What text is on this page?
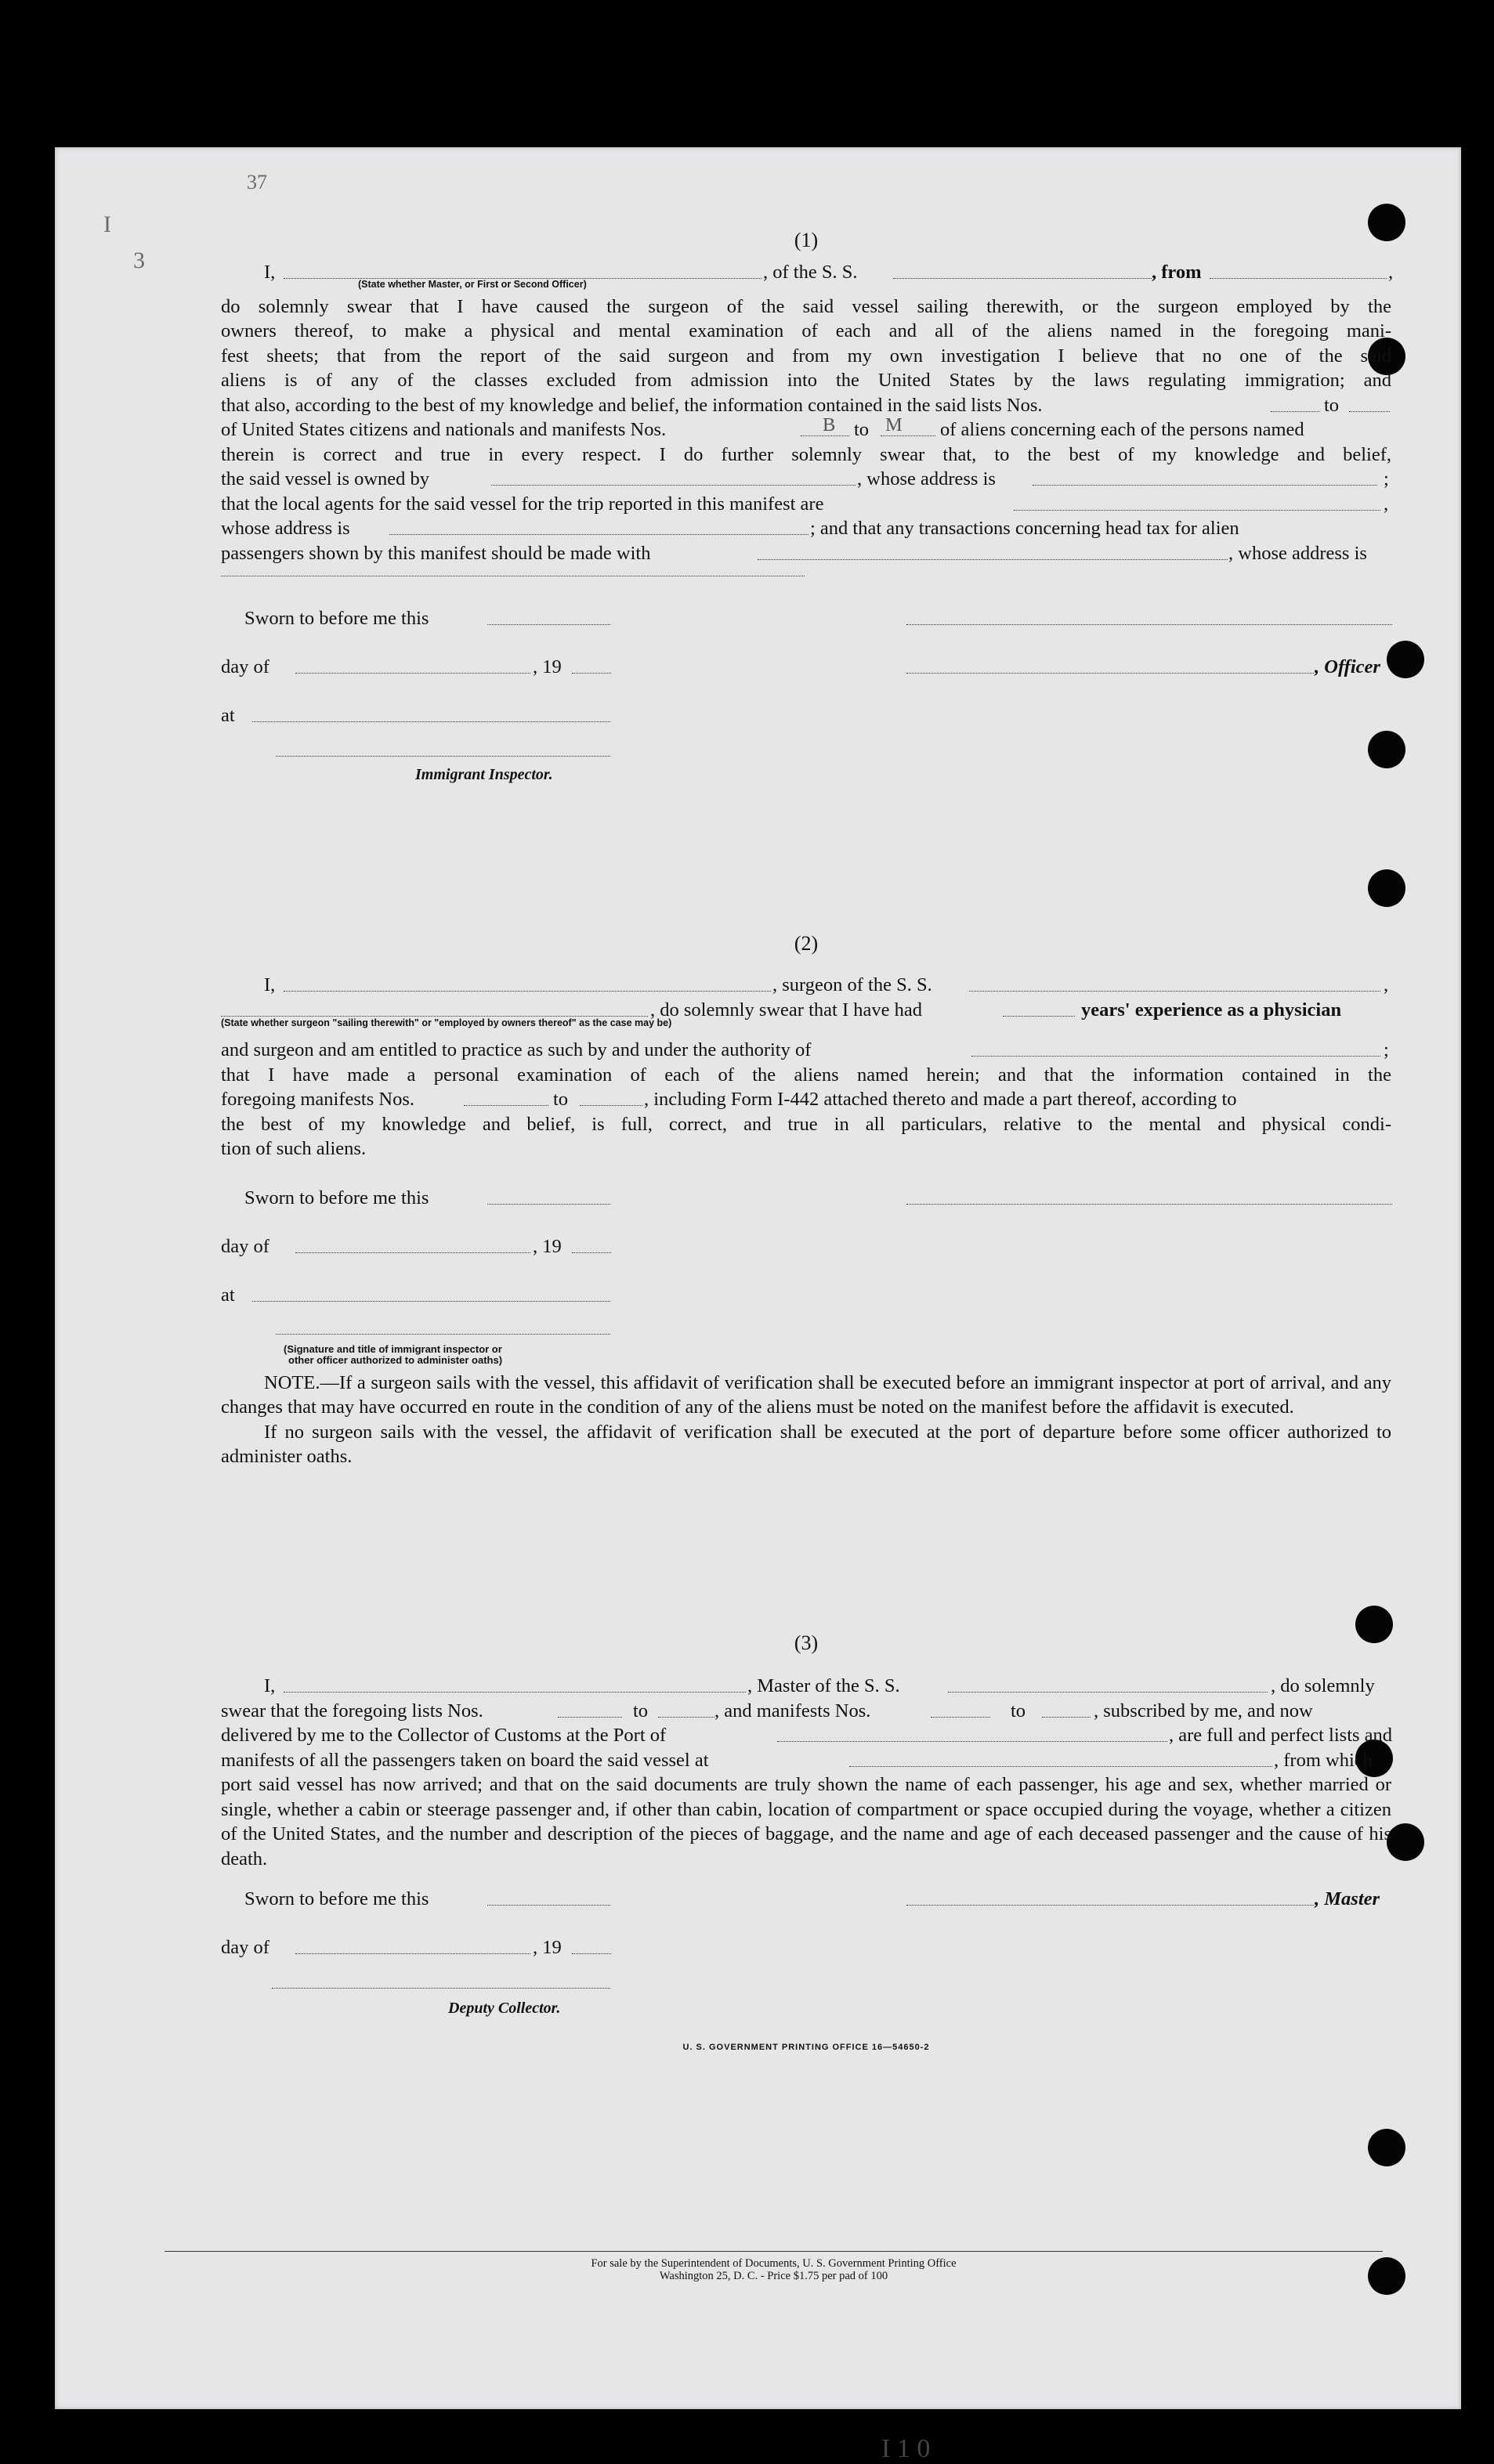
I
3
37

(1)

I,	, of the S. S.	, from	,
(State whether Master, or First or Second Officer)
do solemnly swear that I have caused the surgeon of the said vessel sailing therewith, or the surgeon employed by the
owners thereof, to make a physical and mental examination of each and all of the aliens named in the foregoing mani-
fest sheets; that from the report of the said surgeon and from my own investigation I believe that no one of the said
aliens is of any of the classes excluded from admission into the United States by the laws regulating immigration; and
that also, according to the best of my knowledge and belief, the information contained in the said lists Nos.	to
of United States citizens and nationals and manifests Nos.	B to M of aliens concerning each of the persons named
therein is correct and true in every respect. I do further solemnly swear that, to the best of my knowledge and belief,
the said vessel is owned by	, whose address is	;
that the local agents for the said vessel for the trip reported in this manifest are	,
whose address is	; and that any transactions concerning head tax for alien
passengers shown by this manifest should be made with	, whose address is
Sworn to before me this
day of	, 19	, Officer
at
Immigrant Inspector.

(2)

I,	, surgeon of the S. S.	,
, do solemnly swear that I have had	years' experience as a physician
(State whether surgeon "sailing therewith" or "employed by owners thereof" as the case may be)
and surgeon and am entitled to practice as such by and under the authority of	;
that I have made a personal examination of each of the aliens named herein; and that the information contained in the
foregoing manifests Nos.	to	, including Form I-442 attached thereto and made a part thereof, according to
the best of my knowledge and belief, is full, correct, and true in all particulars, relative to the mental and physical condi-
tion of such aliens.
Sworn to before me this
day of	, 19
at
(Signature and title of immigrant inspector or
other officer authorized to administer oaths)

NOTE.—If a surgeon sails with the vessel, this affidavit of verification shall be executed before an immigrant inspector at port of arrival, and any changes that may have occurred en route in the condition of any of the aliens must be noted on the manifest before the affidavit is executed.

If no surgeon sails with the vessel, the affidavit of verification shall be executed at the port of departure before some officer authorized to administer oaths.

(3)

I,	, Master of the S. S.	, do solemnly
swear that the foregoing lists Nos.	to	, and manifests Nos.	to	, subscribed by me, and now
delivered by me to the Collector of Customs at the Port of	, are full and perfect lists and
manifests of all the passengers taken on board the said vessel at	, from which

port said vessel has now arrived; and that on the said documents are truly shown the name of each passenger, his age and sex, whether married or single, whether a cabin or steerage passenger and, if other than cabin, location of compartment or space occupied during the voyage, whether a citizen of the United States, and the number and description of the pieces of baggage, and the name and age of each deceased passenger and the cause of his death.

Sworn to before me this	, Master
day of	, 19
Deputy Collector.
U. S. GOVERNMENT PRINTING OFFICE 16—54650-2
For sale by the Superintendent of Documents, U. S. Government Printing Office
Washington 25, D. C. - Price $1.75 per pad of 100
I 1 0
